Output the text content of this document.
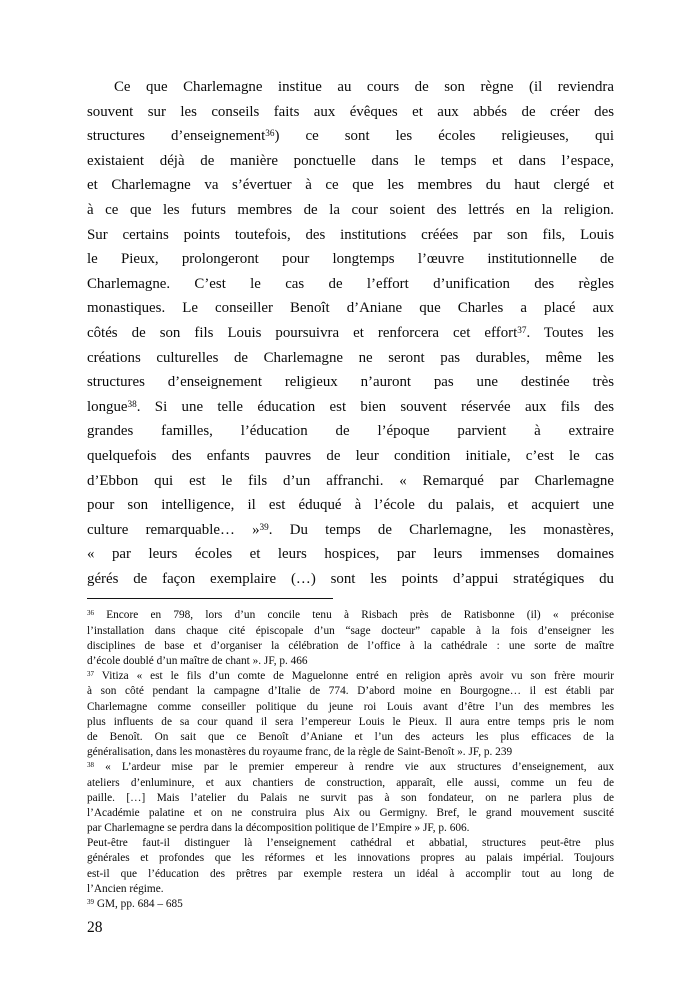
Ce que Charlemagne institue au cours de son règne (il reviendra
souvent sur les conseils faits aux évêques et aux abbés de créer des
structures d’enseignement$^{36}$) ce sont les écoles religieuses, qui
existaient déjà de manière ponctuelle dans le temps et dans l’espace,
et Charlemagne va s’évertuer à ce que les membres du haut clergé et
à ce que les futurs membres de la cour soient des lettrés en la religion.
Sur certains points toutefois, des institutions créées par son fils, Louis
le Pieux, prolongeront pour longtemps l’œuvre institutionnelle de
Charlemagne. C’est le cas de l’effort d’unification des règles
monastiques. Le conseiller Benoît d’Aniane que Charles a placé aux
côtés de son fils Louis poursuivra et renforcera cet effort$^{37}$. Toutes les
créations culturelles de Charlemagne ne seront pas durables, même les
structures d’enseignement religieux n’auront pas une destinée très
longue$^{38}$. Si une telle éducation est bien souvent réservée aux fils des
grandes familles, l’éducation de l’époque parvient à extraire
quelquefois des enfants pauvres de leur condition initiale, c’est le cas
d’Ebbon qui est le fils d’un affranchi. « Remarqué par Charlemagne
pour son intelligence, il est éduqué à l’école du palais, et acquiert une
culture remarquable… »$^{39}$. Du temps de Charlemagne, les monastères,
« par leurs écoles et leurs hospices, par leurs immenses domaines
gérés de façon exemplaire (…) sont les points d’appui stratégiques du
$^{36}$ Encore en 798, lors d’un concile tenu à Risbach près de Ratisbonne (il) « préconise
l’installation dans chaque cité épiscopale d’un “sage docteur” capable à la fois d’enseigner les
disciplines de base et d’organiser la célébration de l’office à la cathédrale : une sorte de maître
d’école doublé d’un maître de chant ». JF, p. 466
$^{37}$ Vitiza « est le fils d’un comte de Maguelonne entré en religion après avoir vu son frère mourir
à son côté pendant la campagne d’Italie de 774. D’abord moine en Bourgogne… il est établi par
Charlemagne comme conseiller politique du jeune roi Louis avant d’être l’un des membres les
plus influents de sa cour quand il sera l’empereur Louis le Pieux. Il aura entre temps pris le nom
de Benoît. On sait que ce Benoît d’Aniane et l’un des acteurs les plus efficaces de la
généralisation, dans les monastères du royaume franc, de la règle de Saint-Benoît ». JF, p. 239
$^{38}$ « L’ardeur mise par le premier empereur à rendre vie aux structures d’enseignement, aux
ateliers d’enluminure, et aux chantiers de construction, apparaît, elle aussi, comme un feu de
paille. […] Mais l’atelier du Palais ne survit pas à son fondateur, on ne parlera plus de
l’Académie palatine et on ne construira plus Aix ou Germigny. Bref, le grand mouvement suscité
par Charlemagne se perdra dans la décomposition politique de l’Empire » JF, p. 606.
Peut-être faut-il distinguer là l’enseignement cathédral et abbatial, structures peut-être plus
générales et profondes que les réformes et les innovations propres au palais impérial. Toujours
est-il que l’éducation des prêtres par exemple restera un idéal à accomplir tout au long de
l’Ancien régime.
$^{39}$ GM, pp. 684 – 685
28
